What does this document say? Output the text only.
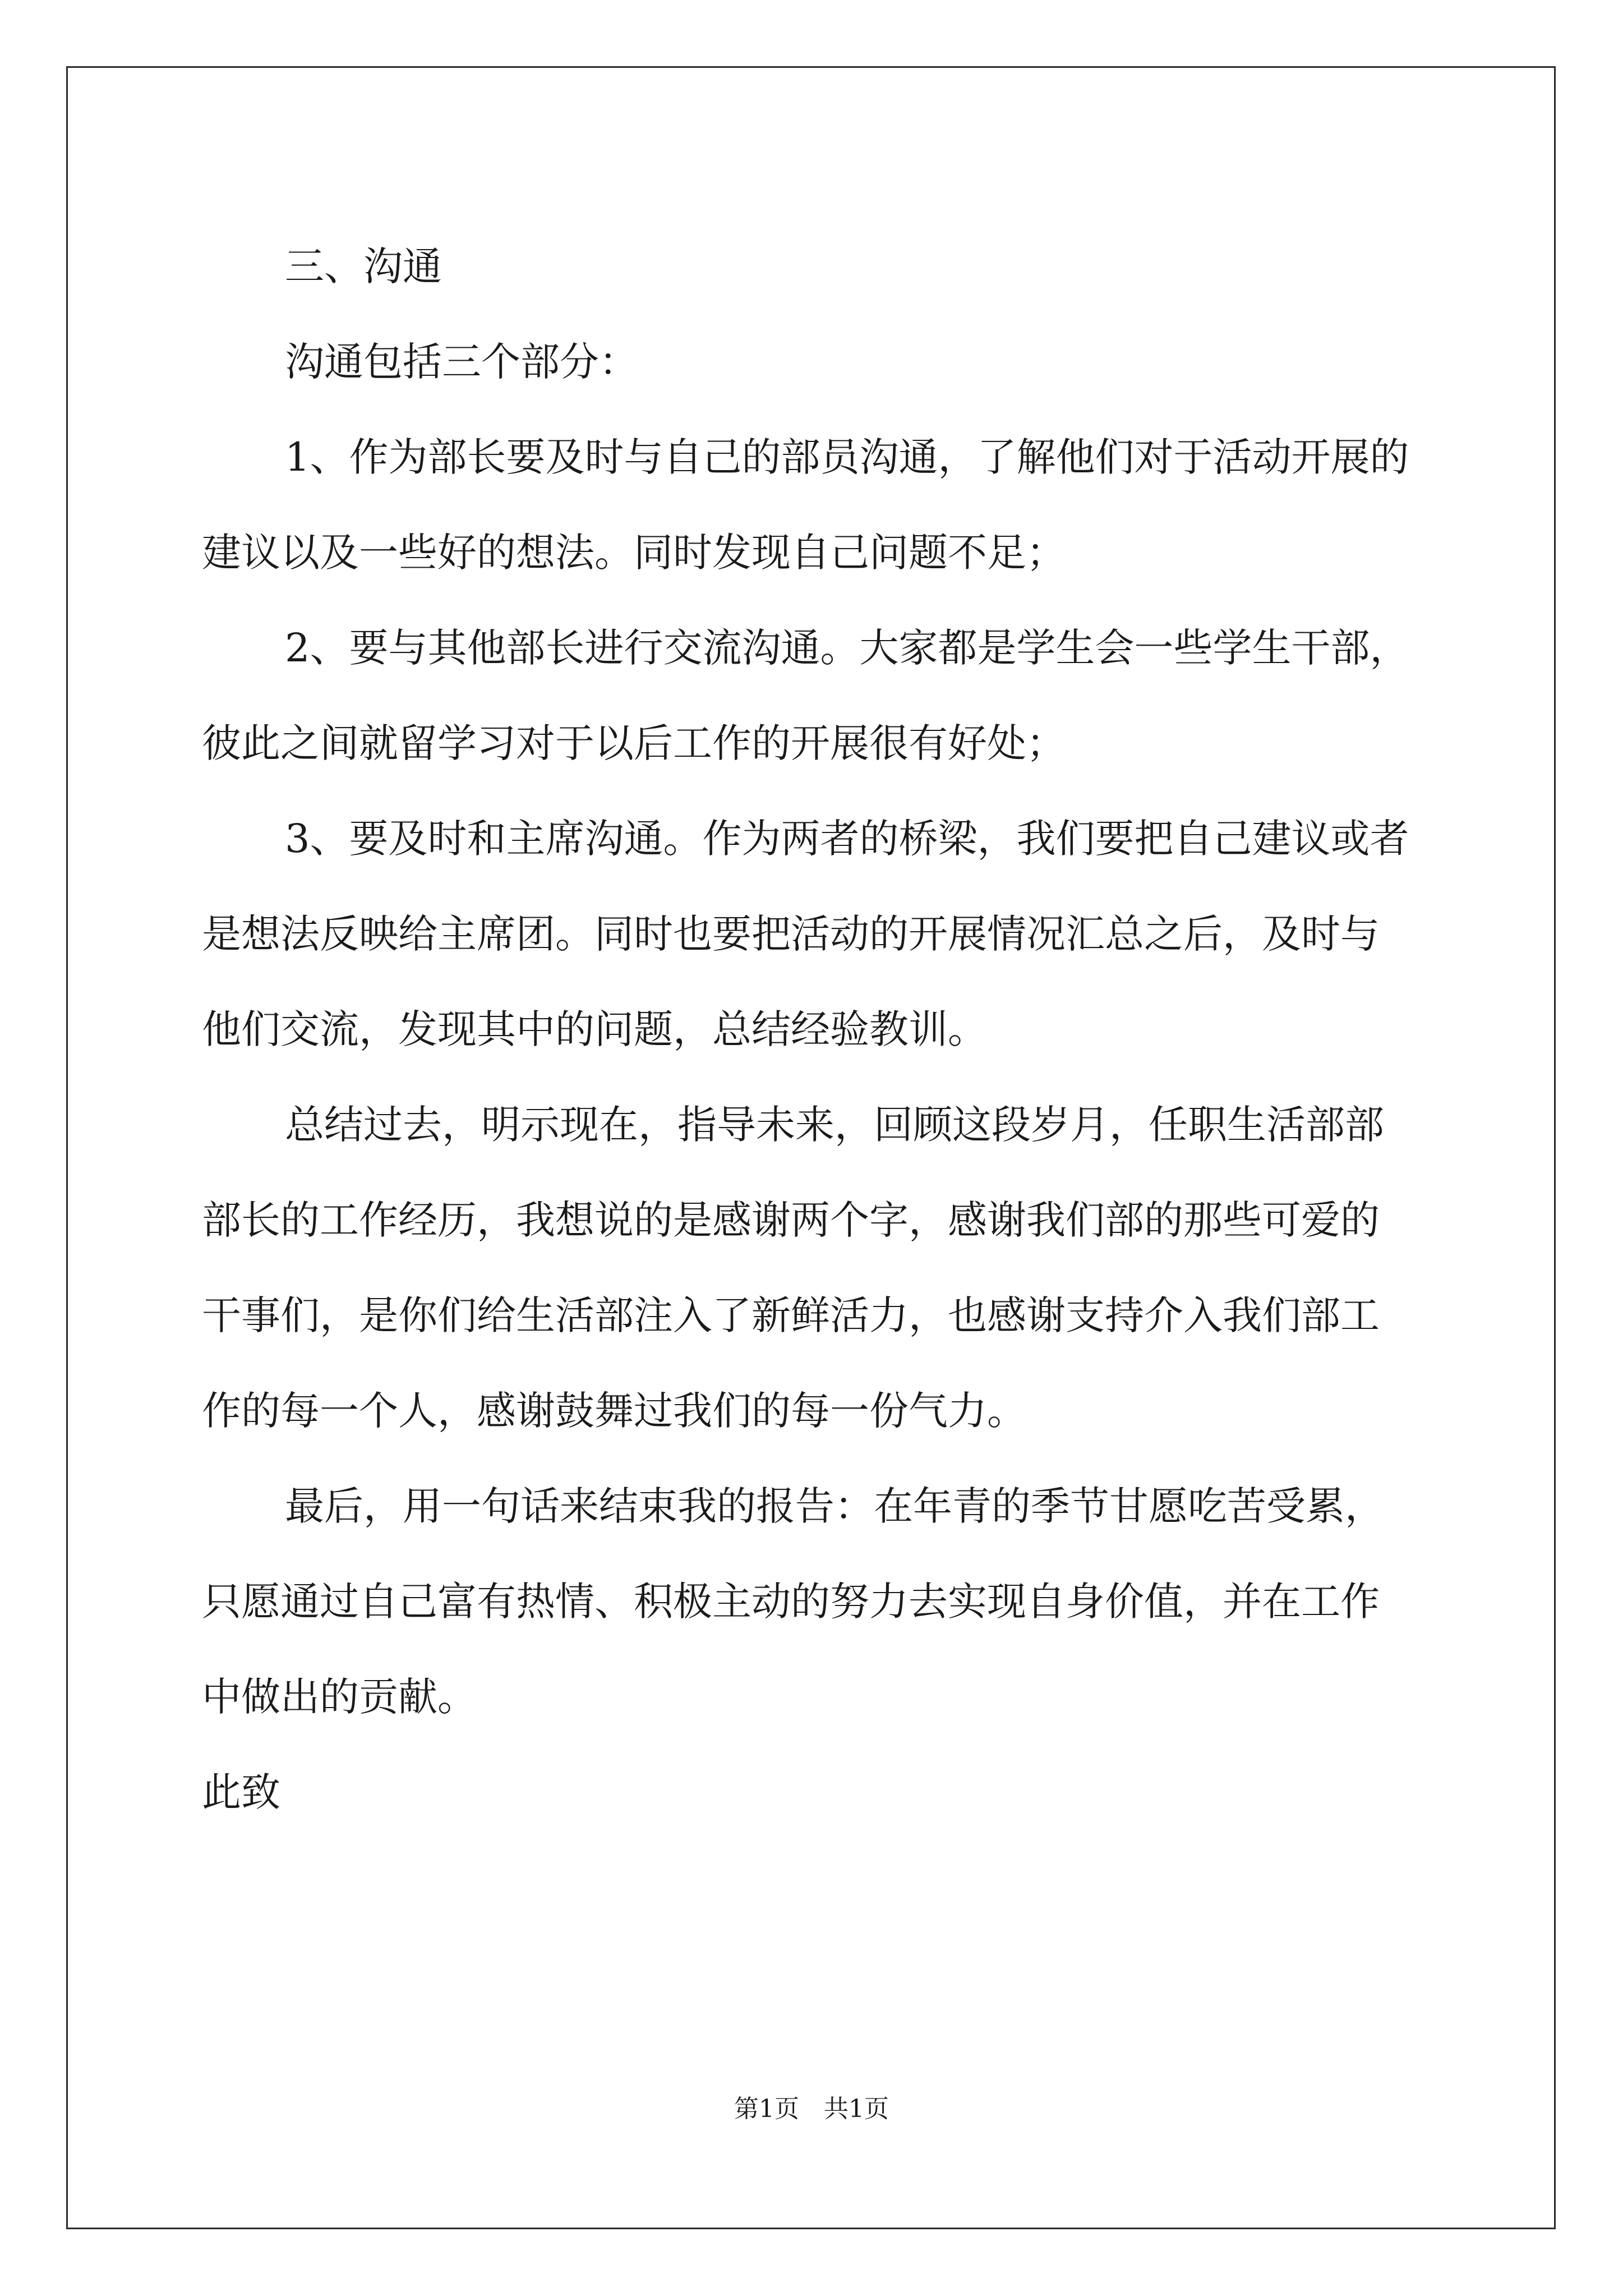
三、沟通
沟通包括三个部分：
1、作为部长要及时与自己的部员沟通，了解他们对于活动开展的
建议以及一些好的想法。同时发现自己问题不足；
2、要与其他部长进行交流沟通。大家都是学生会一些学生干部，
彼此之间就留学习对于以后工作的开展很有好处；
3、要及时和主席沟通。作为两者的桥梁，我们要把自己建议或者
是想法反映给主席团。同时也要把活动的开展情况汇总之后，及时与
他们交流，发现其中的问题，总结经验教训。
总结过去，明示现在，指导未来，回顾这段岁月，任职生活部部
部长的工作经历，我想说的是感谢两个字，感谢我们部的那些可爱的
干事们，是你们给生活部注入了新鲜活力，也感谢支持介入我们部工
作的每一个人，感谢鼓舞过我们的每一份气力。
最后，用一句话来结束我的报告：在年青的季节甘愿吃苦受累，
只愿通过自己富有热情、积极主动的努力去实现自身价值，并在工作
中做出的贡献。
此致
第1页　共1页
